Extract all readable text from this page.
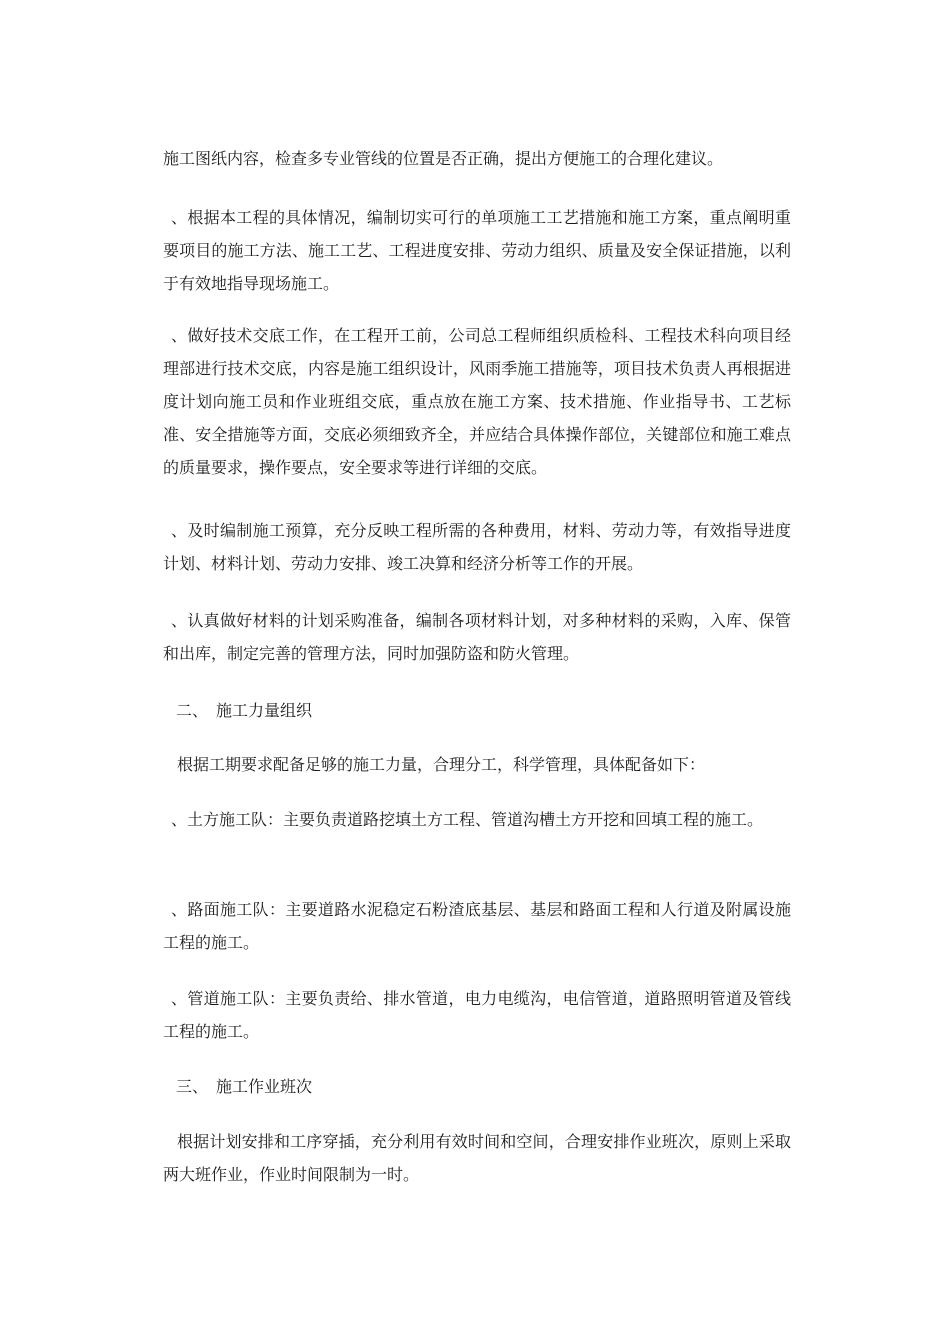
施工图纸内容，检查多专业管线的位置是否正确，提出方便施工的合理化建议。

、根据本工程的具体情况，编制切实可行的单项施工工艺措施和施工方案，重点阐明重要项目的施工方法、施工工艺、工程进度安排、劳动力组织、质量及安全保证措施，以利于有效地指导现场施工。

、做好技术交底工作，在工程开工前，公司总工程师组织质检科、工程技术科向项目经理部进行技术交底，内容是施工组织设计，风雨季施工措施等，项目技术负责人再根据进度计划向施工员和作业班组交底，重点放在施工方案、技术措施、作业指导书、工艺标准、安全措施等方面，交底必须细致齐全，并应结合具体操作部位，关键部位和施工难点的质量要求，操作要点，安全要求等进行详细的交底。

、及时编制施工预算，充分反映工程所需的各种费用，材料、劳动力等，有效指导进度计划、材料计划、劳动力安排、竣工决算和经济分析等工作的开展。

、认真做好材料的计划采购准备，编制各项材料计划，对多种材料的采购，入库、保管和出库，制定完善的管理方法，同时加强防盗和防火管理。

二、 施工力量组织

根据工期要求配备足够的施工力量，合理分工，科学管理，具体配备如下：

、土方施工队：主要负责道路挖填土方工程、管道沟槽土方开挖和回填工程的施工。

、路面施工队：主要道路水泥稳定石粉渣底基层、基层和路面工程和人行道及附属设施工程的施工。

、管道施工队：主要负责给、排水管道，电力电缆沟，电信管道，道路照明管道及管线工程的施工。

三、 施工作业班次

根据计划安排和工序穿插，充分利用有效时间和空间，合理安排作业班次，原则上采取两大班作业，作业时间限制为一时。
